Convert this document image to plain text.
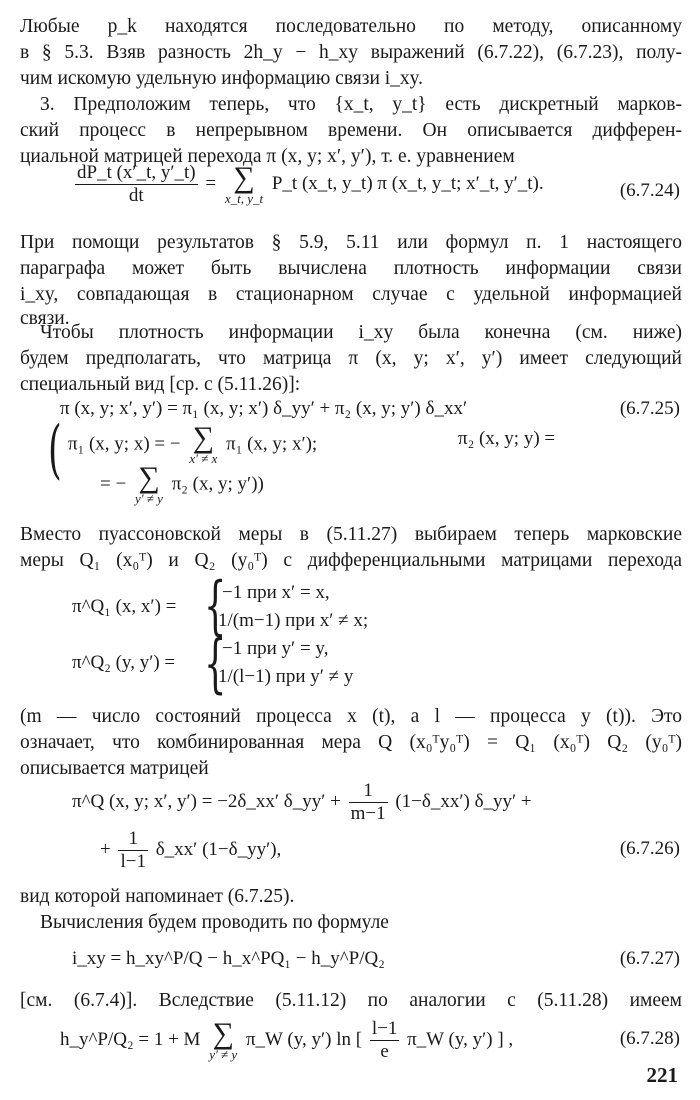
Любые p_k находятся последовательно по методу, описанному
в § 5.3. Взяв разность 2h_y − h_xy выражений (6.7.22), (6.7.23), полу-
чим искомую удельную информацию связи i_xy.
3. Предположим теперь, что {x_t, y_t} есть дискретный марков-
ский процесс в непрерывном времени. Он описывается дифферен-
циальной матрицей перехода π (x, y; x′, y′), т. е. уравнением
$\frac{dP\_t (x'\_t, y'\_t)}{dt}$ = ∑
x_t, y_t
P_t (x_t, y_t) π (x_t, y_t; x′_t, y′_t).	(6.7.24)
При помощи результатов § 5.9, 5.11 или формул п. 1 настоящего
параграфа может быть вычислена плотность информации связи
i_xy, совпадающая в стационарном случае с удельной информацией
связи.
Чтобы плотность информации i_xy была конечна (см. ниже)
будем предполагать, что матрица π (x, y; x′, y′) имеет следующий
специальный вид [ср. с (5.11.26)]:
π (x, y; x′, y′) = π₁ (x, y; x′) δ_yy′ + π₂ (x, y; y′) δ_xx′	(6.7.25)
( π₁ (x, y; x) = − ∑
x′ ≠ x
π₁ (x, y; x′);	π₂ (x, y; y) =
= − ∑
y′ ≠ y
π₂ (x, y; y′))
Вместо пуассоновской меры в (5.11.27) выбираем теперь марковские
меры Q₁ (x₀ᵀ) и Q₂ (y₀ᵀ) с дифференциальными матрицами перехода
π^Q₁ (x, x′) = {
−1 при x′ = x,
1/(m−1) при x′ ≠ x;
π^Q₂ (y, y′) = {
−1 при y′ = y,
1/(l−1) при y′ ≠ y
(m — число состояний процесса x (t), а l — процесса y (t)). Это
означает, что комбинированная мера Q (x₀ᵀy₀ᵀ) = Q₁ (x₀ᵀ) Q₂ (y₀ᵀ)
описывается матрицей
π^Q (x, y; x′, y′) = −2δ_xx′ δ_yy′ + $\frac{1}{m-1}$ (1−δ_xx′) δ_yy′ +
+ $\frac{1}{l-1}$ δ_xx′ (1−δ_yy′),	(6.7.26)
вид которой напоминает (6.7.25).
Вычисления будем проводить по формуле
i_xy = h_xy^P/Q − h_x^PQ₁ − h_y^P/Q₂	(6.7.27)
[см. (6.7.4)]. Вследствие (5.11.12) по аналогии с (5.11.28) имеем
h_y^P/Q₂ = 1 + M ∑
y′ ≠ y
π_W (y, y′) ln [ $\frac{l-1}{e}$ π_W (y, y′) ] ,	(6.7.28)
221
